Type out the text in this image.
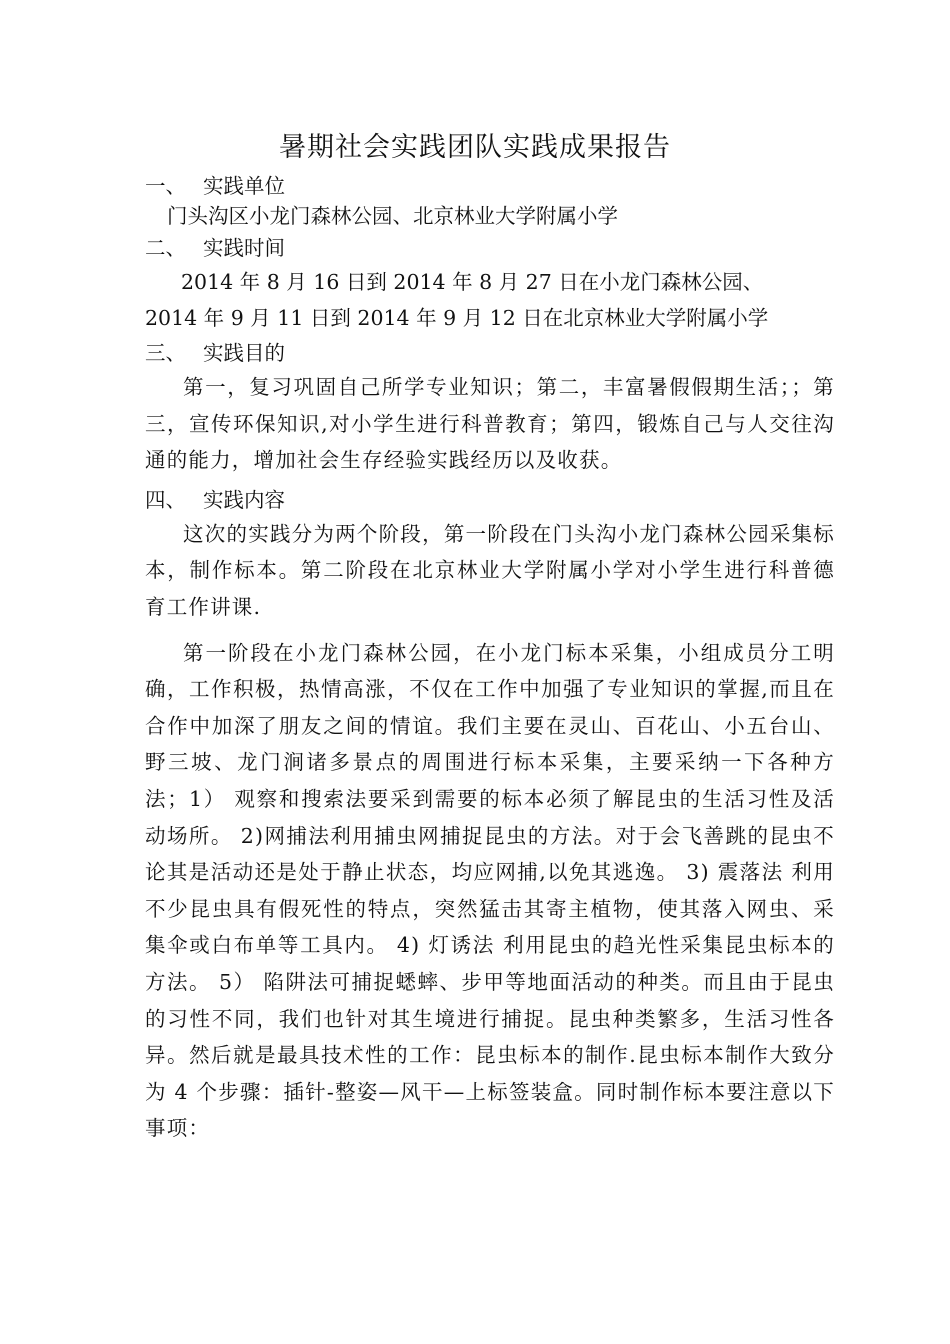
暑期社会实践团队实践成果报告
一、 实践单位
门头沟区小龙门森林公园、北京林业大学附属小学
二、 实践时间
2014 年 8 月 16 日到 2014 年 8 月 27 日在小龙门森林公园、
2014 年 9 月 11 日到 2014 年 9 月 12 日在北京林业大学附属小学
三、 实践目的

第一，复习巩固自己所学专业知识；第二，丰富暑假假期生活；；第三，宣传环保知识,对小学生进行科普教育；第四，锻炼自己与人交往沟通的能力，增加社会生存经验实践经历以及收获。

四、 实践内容

这次的实践分为两个阶段，第一阶段在门头沟小龙门森林公园采集标本，制作标本。第二阶段在北京林业大学附属小学对小学生进行科普德育工作讲课.

第一阶段在小龙门森林公园，在小龙门标本采集，小组成员分工明确，工作积极，热情高涨，不仅在工作中加强了专业知识的掌握,而且在合作中加深了朋友之间的情谊。我们主要在灵山、百花山、小五台山、野三坡、龙门涧诸多景点的周围进行标本采集，主要采纳一下各种方法；1） 观察和搜索法要采到需要的标本必须了解昆虫的生活习性及活动场所。 2)网捕法利用捕虫网捕捉昆虫的方法。对于会飞善跳的昆虫不论其是活动还是处于静止状态，均应网捕,以免其逃逸。 3) 震落法 利用不少昆虫具有假死性的特点，突然猛击其寄主植物，使其落入网虫、采集伞或白布单等工具内。 4) 灯诱法 利用昆虫的趋光性采集昆虫标本的方法。 5） 陷阱法可捕捉蟋蟀、步甲等地面活动的种类。而且由于昆虫的习性不同，我们也针对其生境进行捕捉。昆虫种类繁多，生活习性各异。然后就是最具技术性的工作：昆虫标本的制作.昆虫标本制作大致分为 4 个步骤：插针-整姿—风干—上标签装盒。同时制作标本要注意以下事项：
